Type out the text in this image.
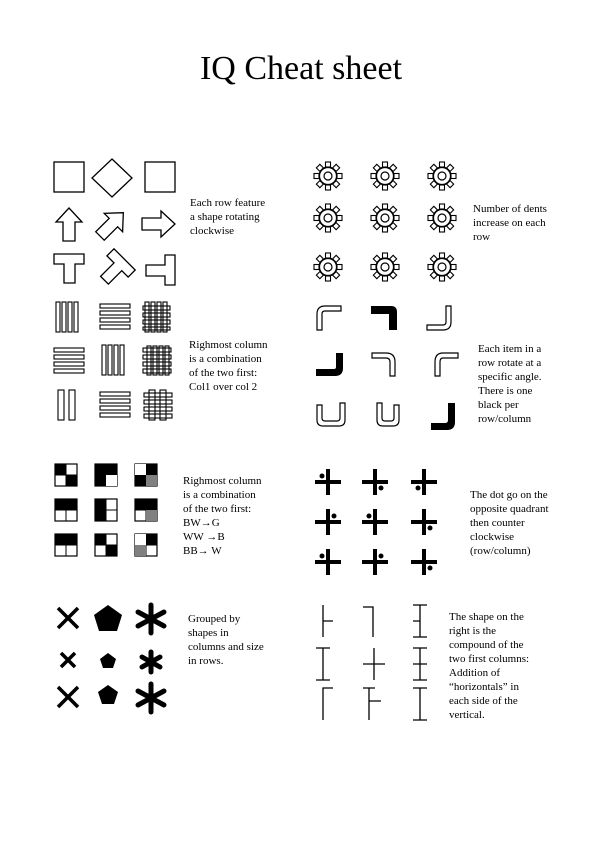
IQ Cheat sheet
Each row feature
a shape rotating
clockwise
Number of dents
increase on each
row
Righmost column
is a combination
of the two first:
Col1 over col 2
Each item in a
row rotate at a
specific angle.
There is one
black per
row/column
Righmost column
is a combination
of the two first:
BW→G
WW →B
BB→ W
The dot go on the
opposite quadrant
then counter
clockwise
(row/column)
Grouped by
shapes in
columns and size
in rows.
The shape on the
right is the
compound of the
two first columns:
Addition of
“horizontals” in
each side of the
vertical.
